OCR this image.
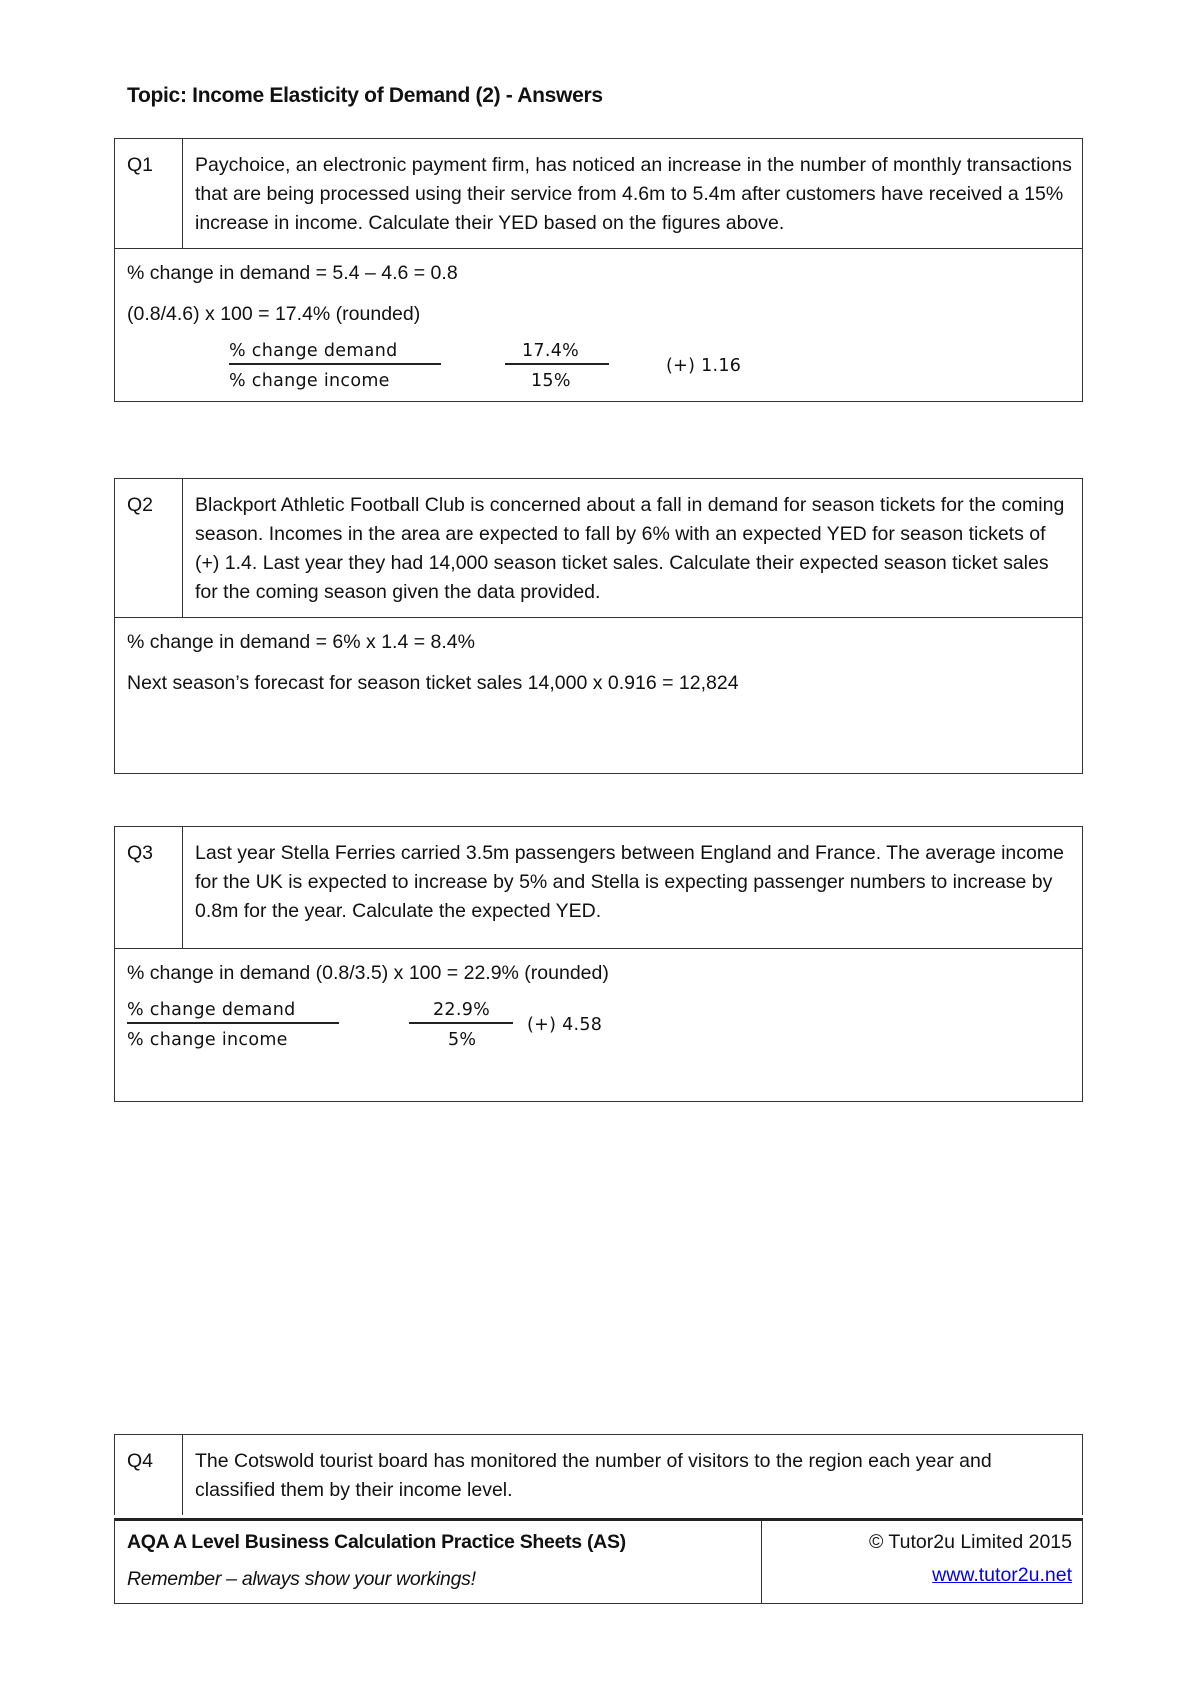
Topic: Income Elasticity of Demand (2) - Answers
Q1	Paychoice, an electronic payment firm, has noticed an increase in the number of monthly transactions that are being processed using their service from 4.6m to 5.4m after customers have received a 15% increase in income. Calculate their YED based on the figures above.

% change in demand = 5.4 – 4.6 = 0.8

(0.8/4.6) x 100 = 17.4% (rounded)

% change demand
% change income
17.4%
15%
(+) 1.16
Q2	Blackport Athletic Football Club is concerned about a fall in demand for season tickets for the coming season. Incomes in the area are expected to fall by 6% with an expected YED for season tickets of (+) 1.4. Last year they had 14,000 season ticket sales. Calculate their expected season ticket sales for the coming season given the data provided.

% change in demand = 6% x 1.4 = 8.4%

Next season’s forecast for season ticket sales 14,000 x 0.916 = 12,824

Q3	Last year Stella Ferries carried 3.5m passengers between England and France. The average income for the UK is expected to increase by 5% and Stella is expecting passenger numbers to increase by 0.8m for the year. Calculate the expected YED.

% change in demand (0.8/3.5) x 100 = 22.9% (rounded)

% change demand
% change income
22.9%
5%
(+) 4.58
Q4	The Cotswold tourist board has monitored the number of visitors to the region each year and classified them by their income level.
AQA A Level Business Calculation Practice Sheets (AS)
Remember – always show your workings!
© Tutor2u Limited 2015
www.tutor2u.net
